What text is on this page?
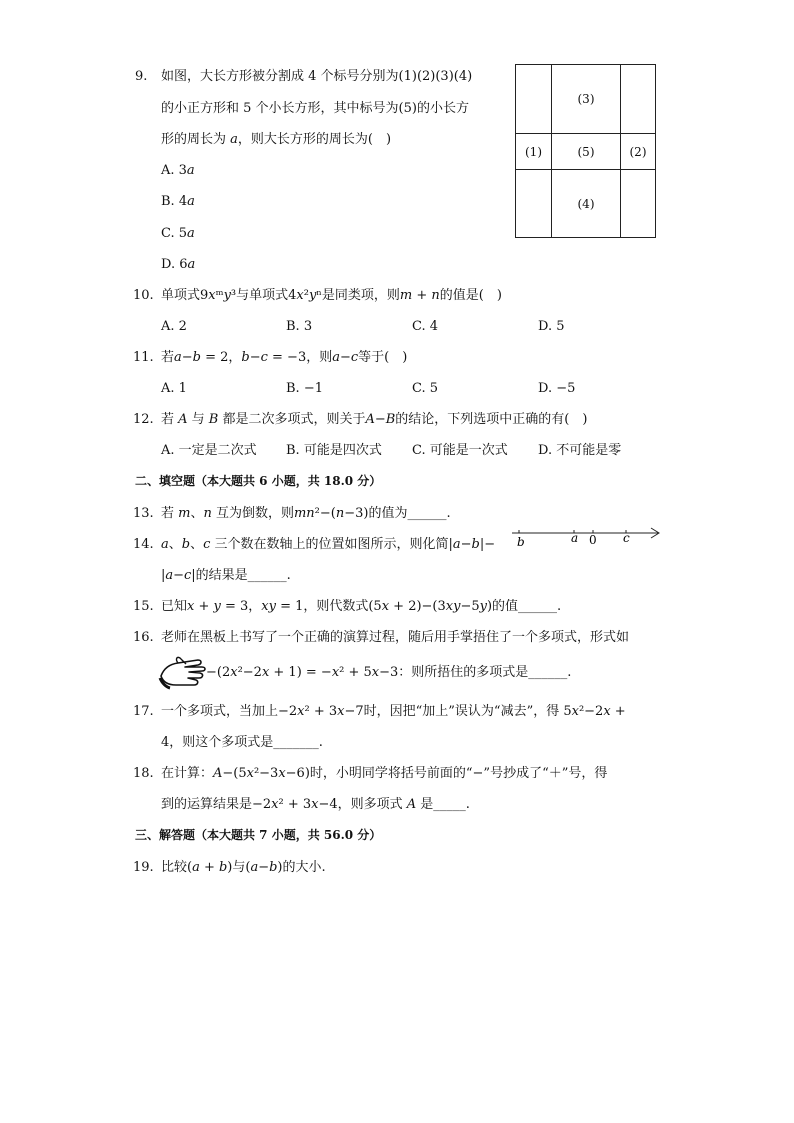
9. 如图，大长方形被分割成 4 个标号分别为(1)(2)(3)(4)
的小正方形和 5 个小长方形，其中标号为(5)的小长方
形的周长为 𝑎，则大长方形的周长为(　)
A. 3𝑎
B. 4𝑎
C. 5𝑎
D. 6𝑎
(3)
(1)	(5)	(2)
(4)
10. 单项式9𝑥ᵐ𝑦³与单项式4𝑥²𝑦ⁿ是同类项，则𝑚 + 𝑛的值是(　)
A. 2	B. 3	C. 4	D. 5
11. 若𝑎−𝑏 = 2，𝑏−𝑐 = −3，则𝑎−𝑐等于(　)
A. 1	B. −1	C. 5	D. −5
12. 若 𝐴 与 𝐵 都是二次多项式，则关于𝐴−𝐵的结论，下列选项中正确的有(　)
A. 一定是二次式 B. 可能是四次式 C. 可能是一次式 D. 不可能是零
二、填空题（本大题共 6 小题，共 18.0 分）
13. 若 𝑚、𝑛 互为倒数，则𝑚𝑛²−(𝑛−3)的值为______.
14. 𝑎、𝑏、𝑐 三个数在数轴上的位置如图所示，则化简|𝑎−𝑏|−
|𝑎−𝑐|的结果是______.
𝑏	𝑎 0 𝑐
15. 已知𝑥 + 𝑦 = 3，𝑥𝑦 = 1，则代数式(5𝑥 + 2)−(3𝑥𝑦−5𝑦)的值______.
16. 老师在黑板上书写了一个正确的演算过程，随后用手掌捂住了一个多项式，形式如
−(2𝑥²−2𝑥 + 1) = −𝑥² + 5𝑥−3：则所捂住的多项式是______.
17. 一个多项式，当加上−2𝑥² + 3𝑥−7时，因把“加上”误认为“减去”，得 5𝑥²−2𝑥 +
4，则这个多项式是_______.
18. 在计算：𝐴−(5𝑥²−3𝑥−6)时，小明同学将括号前面的“−”号抄成了“＋”号，得
到的运算结果是−2𝑥² + 3𝑥−4，则多项式 𝐴 是_____.
三、解答题（本大题共 7 小题，共 56.0 分）
19. 比较(𝑎 + 𝑏)与(𝑎−𝑏)的大小.
